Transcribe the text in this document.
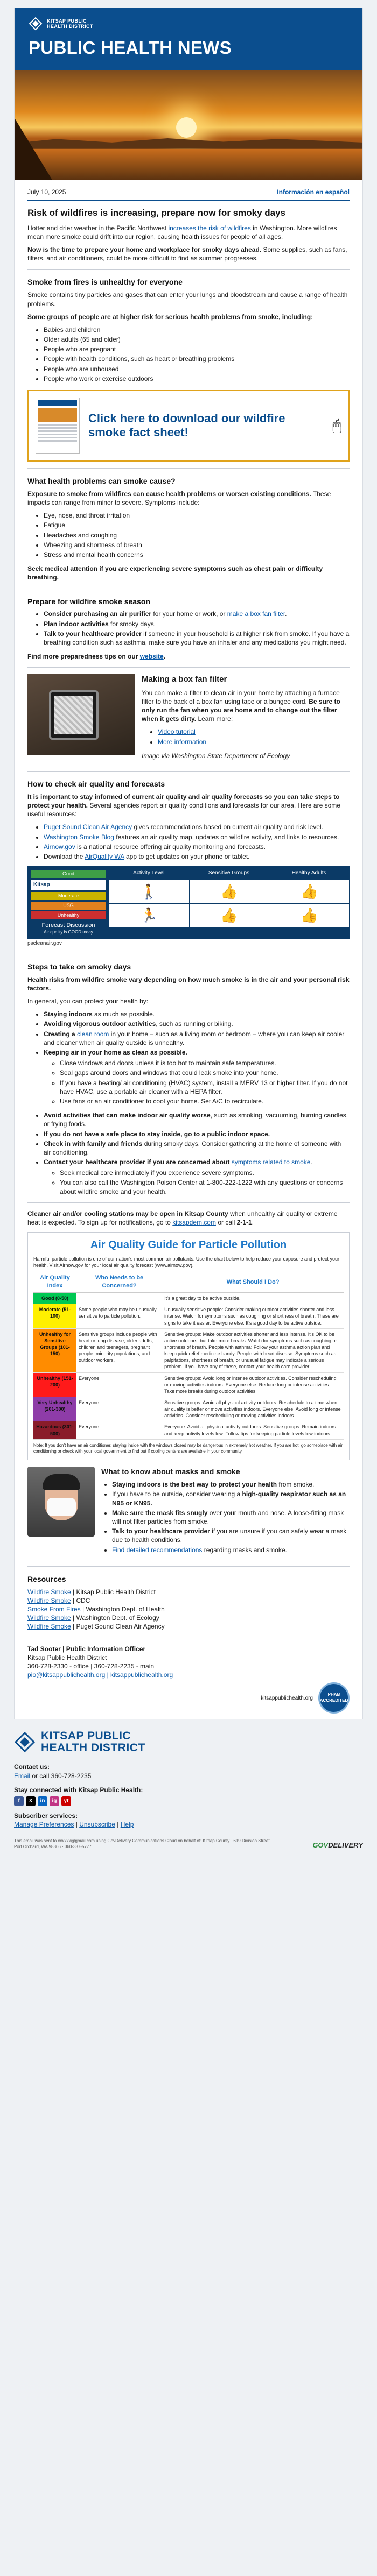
KITSAP PUBLIC
HEALTH DISTRICT
PUBLIC HEALTH NEWS
July 10, 2025	Información en español
Risk of wildfires is increasing, prepare now for smoky days

Hotter and drier weather in the Pacific Northwest increases the risk of wildfires in Washington. More wildfires mean more smoke could drift into our region, causing health issues for people of all ages.

Now is the time to prepare your home and workplace for smoky days ahead. Some supplies, such as fans, filters, and air conditioners, could be more difficult to find as summer progresses.

Smoke from fires is unhealthy for everyone

Smoke contains tiny particles and gases that can enter your lungs and bloodstream and cause a range of health problems.

Some groups of people are at higher risk for serious health problems from smoke, including:

• Babies and children
• Older adults (65 and older)
• People who are pregnant
• People with health conditions, such as heart or breathing problems
• People who are unhoused
• People who work or exercise outdoors
Click here to download our wildfire smoke fact sheet!	🖱
What health problems can smoke cause?

Exposure to smoke from wildfires can cause health problems or worsen existing conditions. These impacts can range from minor to severe. Symptoms include:

• Eye, nose, and throat irritation
• Fatigue
• Headaches and coughing
• Wheezing and shortness of breath
• Stress and mental health concerns

Seek medical attention if you are experiencing severe symptoms such as chest pain or difficulty breathing.

Prepare for wildfire smoke season
• Consider purchasing an air purifier for your home or work, or make a box fan filter.
• Plan indoor activities for smoky days.
• Talk to your healthcare provider if someone in your household is at higher risk from smoke. If you have a breathing condition such as asthma, make sure you have an inhaler and any medications you might need.

Find more preparedness tips on our website.

Making a box fan filter

You can make a filter to clean air in your home by attaching a furnace filter to the back of a box fan using tape or a bungee cord. Be sure to only run the fan when you are home and to change out the filter when it gets dirty. Learn more:

• Video tutorial
• More information

Image via Washington State Department of Ecology

How to check air quality and forecasts

It is important to stay informed of current air quality and air quality forecasts so you can take steps to protect your health. Several agencies report air quality conditions and forecasts for our area. Here are some useful resources:

• Puget Sound Clean Air Agency gives recommendations based on current air quality and risk level.
• Washington Smoke Blog features an air quality map, updates on wildfire activity, and links to resources.
• Airnow.gov is a national resource offering air quality monitoring and forecasts.
• Download the AirQuality WA app to get updates on your phone or tablet.
Good
Kitsap
Moderate
USG
Unhealthy
Forecast Discussion
Air quality is GOOD today
Activity Level	Sensitive Groups	Healthy Adults
🚶	👍	👍
🏃	👍	👍
pscleanair.gov
Steps to take on smoky days

Health risks from wildfire smoke vary depending on how much smoke is in the air and your personal risk factors.

In general, you can protect your health by:

• Staying indoors as much as possible.
• Avoiding vigorous outdoor activities, such as running or biking.
• Creating a clean room in your home – such as a living room or bedroom – where you can keep air cooler and cleaner when air quality outside is unhealthy.
• Keeping air in your home as clean as possible.
◦ Close windows and doors unless it is too hot to maintain safe temperatures.
◦ Seal gaps around doors and windows that could leak smoke into your home.
◦ If you have a heating/ air conditioning (HVAC) system, install a MERV 13 or higher filter. If you do not have HVAC, use a portable air cleaner with a HEPA filter.
◦ Use fans or an air conditioner to cool your home. Set A/C to recirculate.
• Avoid activities that can make indoor air quality worse, such as smoking, vacuuming, burning candles, or frying foods.
• If you do not have a safe place to stay inside, go to a public indoor space.
• Check in with family and friends during smoky days. Consider gathering at the home of someone with air conditioning.
• Contact your healthcare provider if you are concerned about symptoms related to smoke.
◦ Seek medical care immediately if you experience severe symptoms.
◦ You can also call the Washington Poison Center at 1-800-222-1222 with any questions or concerns about wildfire smoke and your health.

Cleaner air and/or cooling stations may be open in Kitsap County when unhealthy air quality or extreme heat is expected. To sign up for notifications, go to kitsapdem.com or call 2-1-1.

Air Quality Guide for Particle Pollution
Harmful particle pollution is one of our nation's most common air pollutants. Use the chart below to help reduce your exposure and protect your health. Visit Airnow.gov for your local air quality forecast (www.airnow.gov).
Air Quality Index	Who Needs to be Concerned?	What Should I Do?
Good (0-50)		It's a great day to be active outside.
Moderate (51-100)	Some people who may be unusually sensitive to particle pollution.	Unusually sensitive people: Consider making outdoor activities shorter and less intense. Watch for symptoms such as coughing or shortness of breath. These are signs to take it easier. Everyone else: It's a good day to be active outside.
Unhealthy for Sensitive Groups (101-150)	Sensitive groups include people with heart or lung disease, older adults, children and teenagers, pregnant people, minority populations, and outdoor workers.	Sensitive groups: Make outdoor activities shorter and less intense. It's OK to be active outdoors, but take more breaks. Watch for symptoms such as coughing or shortness of breath. People with asthma: Follow your asthma action plan and keep quick relief medicine handy. People with heart disease: Symptoms such as palpitations, shortness of breath, or unusual fatigue may indicate a serious problem. If you have any of these, contact your health care provider.
Unhealthy (151-200)	Everyone	Sensitive groups: Avoid long or intense outdoor activities. Consider rescheduling or moving activities indoors. Everyone else: Reduce long or intense activities. Take more breaks during outdoor activities.
Very Unhealthy (201-300)	Everyone	Sensitive groups: Avoid all physical activity outdoors. Reschedule to a time when air quality is better or move activities indoors. Everyone else: Avoid long or intense activities. Consider rescheduling or moving activities indoors.
Hazardous (301-500)	Everyone	Everyone: Avoid all physical activity outdoors. Sensitive groups: Remain indoors and keep activity levels low. Follow tips for keeping particle levels low indoors.
Note: If you don't have an air conditioner, staying inside with the windows closed may be dangerous in extremely hot weather. If you are hot, go someplace with air conditioning or check with your local government to find out if cooling centers are available in your community.
What to know about masks and smoke
• Staying indoors is the best way to protect your health from smoke.
• If you have to be outside, consider wearing a high-quality respirator such as an N95 or KN95.
• Make sure the mask fits snugly over your mouth and nose. A loose-fitting mask will not filter particles from smoke.
• Talk to your healthcare provider if you are unsure if you can safely wear a mask due to health conditions.
• Find detailed recommendations regarding masks and smoke.
Resources
Wildfire Smoke | Kitsap Public Health District
Wildfire Smoke | CDC
Smoke From Fires | Washington Dept. of Health
Wildfire Smoke | Washington Dept. of Ecology
Wildfire Smoke | Puget Sound Clean Air Agency
Tad Sooter | Public Information Officer
Kitsap Public Health District
360-728-2330 - office | 360-728-2235 - main
pio@kitsappublichealth.org | kitsappublichealth.org
kitsappublichealth.org
PHAB ACCREDITED
KITSAP PUBLIC
HEALTH DISTRICT
Contact us:
Email or call 360-728-2235
Stay connected with Kitsap Public Health:
f	X	in	ig	yt
Subscriber services:
Manage Preferences | Unsubscribe | Help
This email was sent to xxxxxx@gmail.com using GovDelivery Communications Cloud on behalf of: Kitsap County · 619 Division Street · Port Orchard, WA 98366 · 360-337-5777	GOVDELIVERY
